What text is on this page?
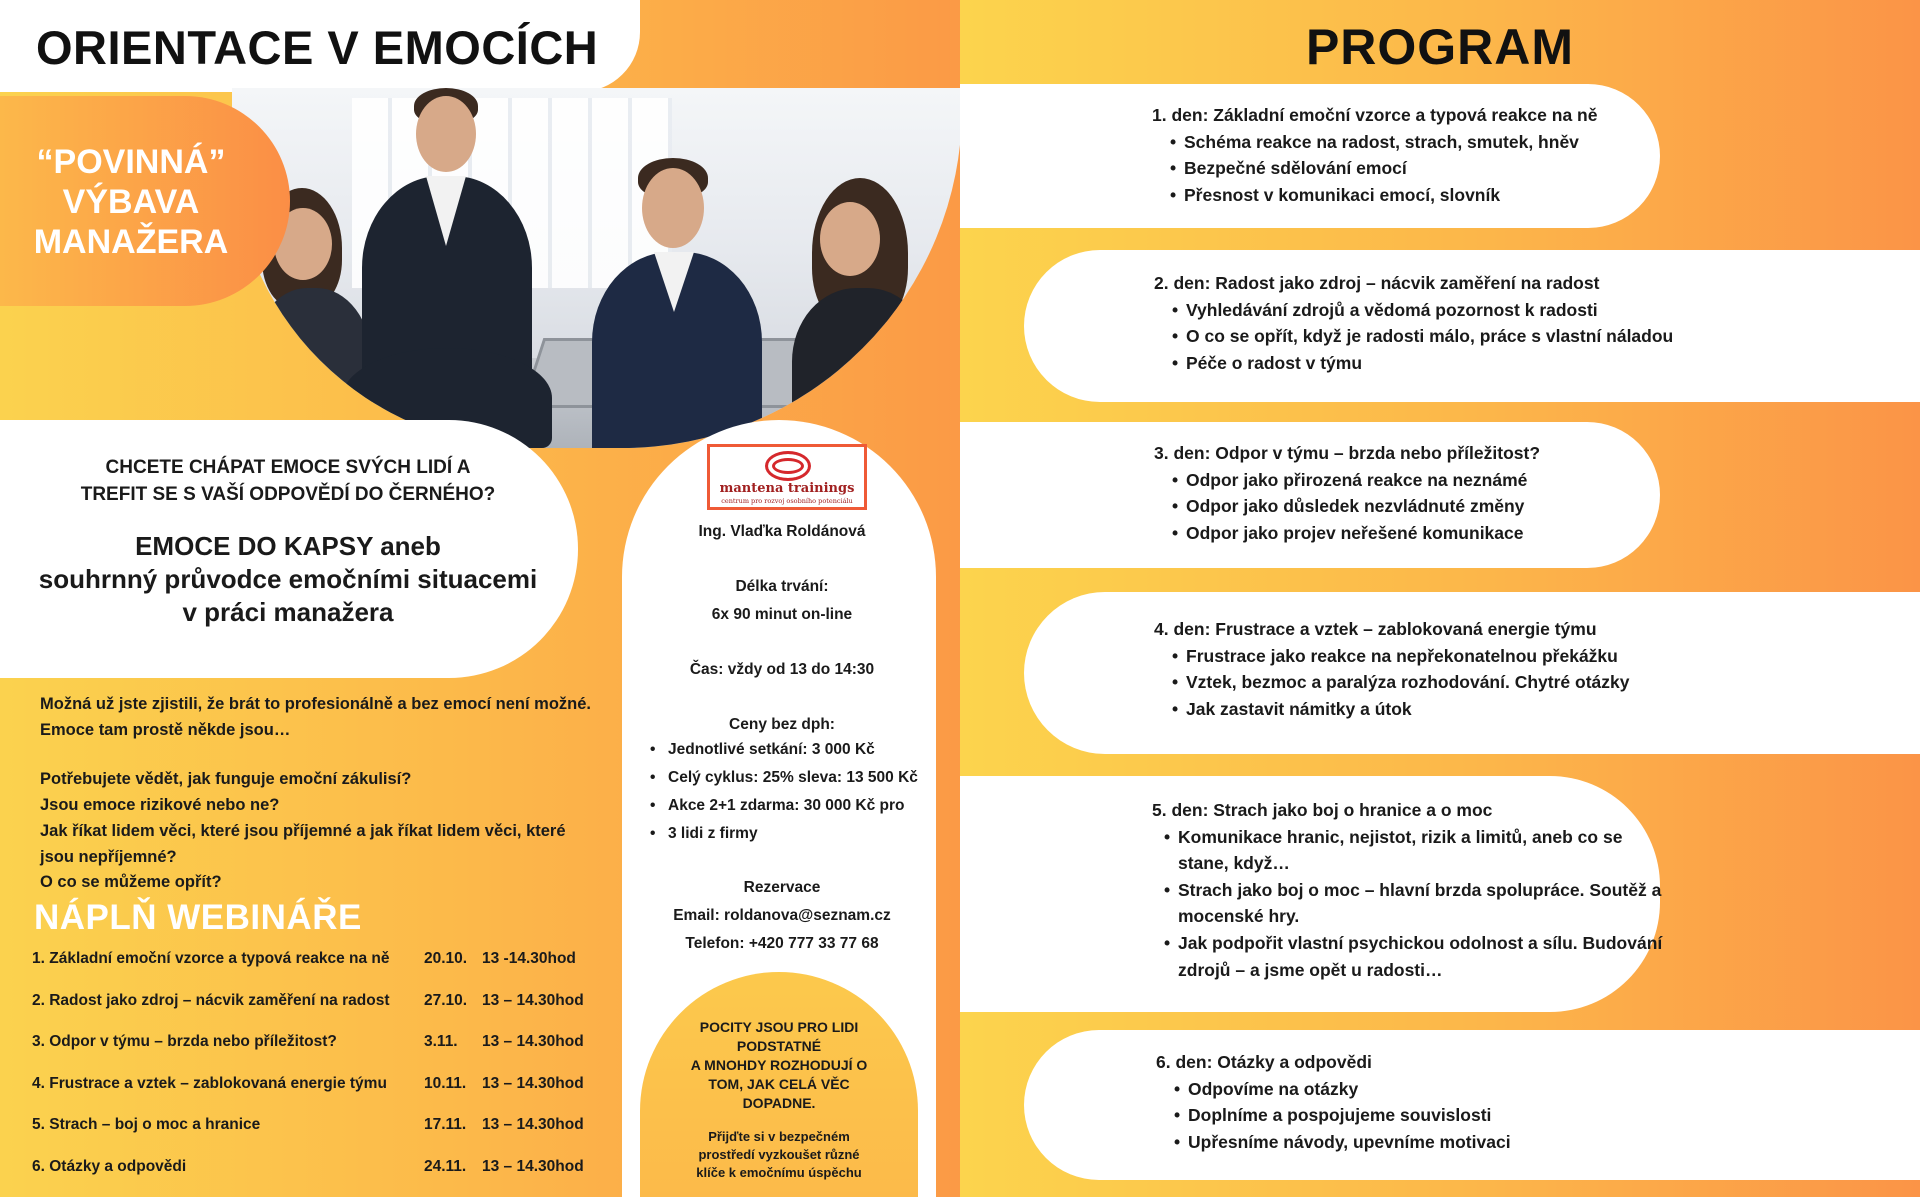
ORIENTACE V EMOCÍCH
“POVINNÁ”
VÝBAVA
MANAŽERA
CHCETE CHÁPAT EMOCE SVÝCH LIDÍ A
TREFIT SE S VAŠÍ ODPOVĚDÍ DO ČERNÉHO?
EMOCE DO KAPSY aneb
souhrnný průvodce emočními situacemi
v práci manažera

Možná už jste zjistili, že brát to profesionálně a bez emocí není možné.

Emoce tam prostě někde jsou…

Potřebujete vědět, jak funguje emoční zákulisí?

Jsou emoce rizikové nebo ne?

Jak říkat lidem věci, které jsou příjemné a jak říkat lidem věci, které

jsou nepříjemné?

O co se můžeme opřít?

NÁPLŇ WEBINÁŘE
1. Základní emoční vzorce a typová reakce na ně 20.10. 13 -14.30hod
2. Radost jako zdroj – nácvik zaměření na radost 27.10. 13 – 14.30hod
3. Odpor v týmu – brzda nebo příležitost?	3.11. 13 – 14.30hod
4. Frustrace a vztek – zablokovaná energie týmu 10.11. 13 – 14.30hod
5. Strach – boj o moc a hranice	17.11. 13 – 14.30hod
6. Otázky a odpovědi	24.11. 13 – 14.30hod
mantena trainings
centrum pro rozvoj osobního potenciálu
Ing. Vlaďka Roldánová
Délka trvání:
6x 90 minut on-line
Čas: vždy od 13 do 14:30
Ceny bez dph:
• Jednotlivé setkání: 3 000 Kč
• Celý cyklus: 25% sleva: 13 500 Kč
• Akce 2+1 zdarma: 30 000 Kč pro
• 3 lidi z firmy
Rezervace
Email: roldanova@seznam.cz
Telefon: +420 777 33 77 68
POCITY JSOU PRO LIDI
PODSTATNÉ
A MNOHDY ROZHODUJÍ O
TOM, JAK CELÁ VĚC
DOPADNE.
Přijďte si v bezpečném
prostředí vyzkoušet různé
klíče k emočnímu úspěchu
PROGRAM
1. den: Základní emoční vzorce a typová reakce na ně
• Schéma reakce na radost, strach, smutek, hněv
• Bezpečné sdělování emocí
• Přesnost v komunikaci emocí, slovník
2. den: Radost jako zdroj – nácvik zaměření na radost
• Vyhledávání zdrojů a vědomá pozornost k radosti
• O co se opřít, když je radosti málo, práce s vlastní náladou
• Péče o radost v týmu
3. den: Odpor v týmu – brzda nebo příležitost?
• Odpor jako přirozená reakce na neznámé
• Odpor jako důsledek nezvládnuté změny
• Odpor jako projev neřešené komunikace
4. den: Frustrace a vztek – zablokovaná energie týmu
• Frustrace jako reakce na nepřekonatelnou překážku
• Vztek, bezmoc a paralýza rozhodování. Chytré otázky
• Jak zastavit námitky a útok
5. den: Strach jako boj o hranice a o moc
• Komunikace hranic, nejistot, rizik a limitů, aneb co se stane, když…
• Strach jako boj o moc – hlavní brzda spolupráce. Soutěž a mocenské hry.
• Jak podpořit vlastní psychickou odolnost a sílu. Budování zdrojů – a jsme opět u radosti…
6. den: Otázky a odpovědi
• Odpovíme na otázky
• Doplníme a pospojujeme souvislosti
• Upřesníme návody, upevníme motivaci
